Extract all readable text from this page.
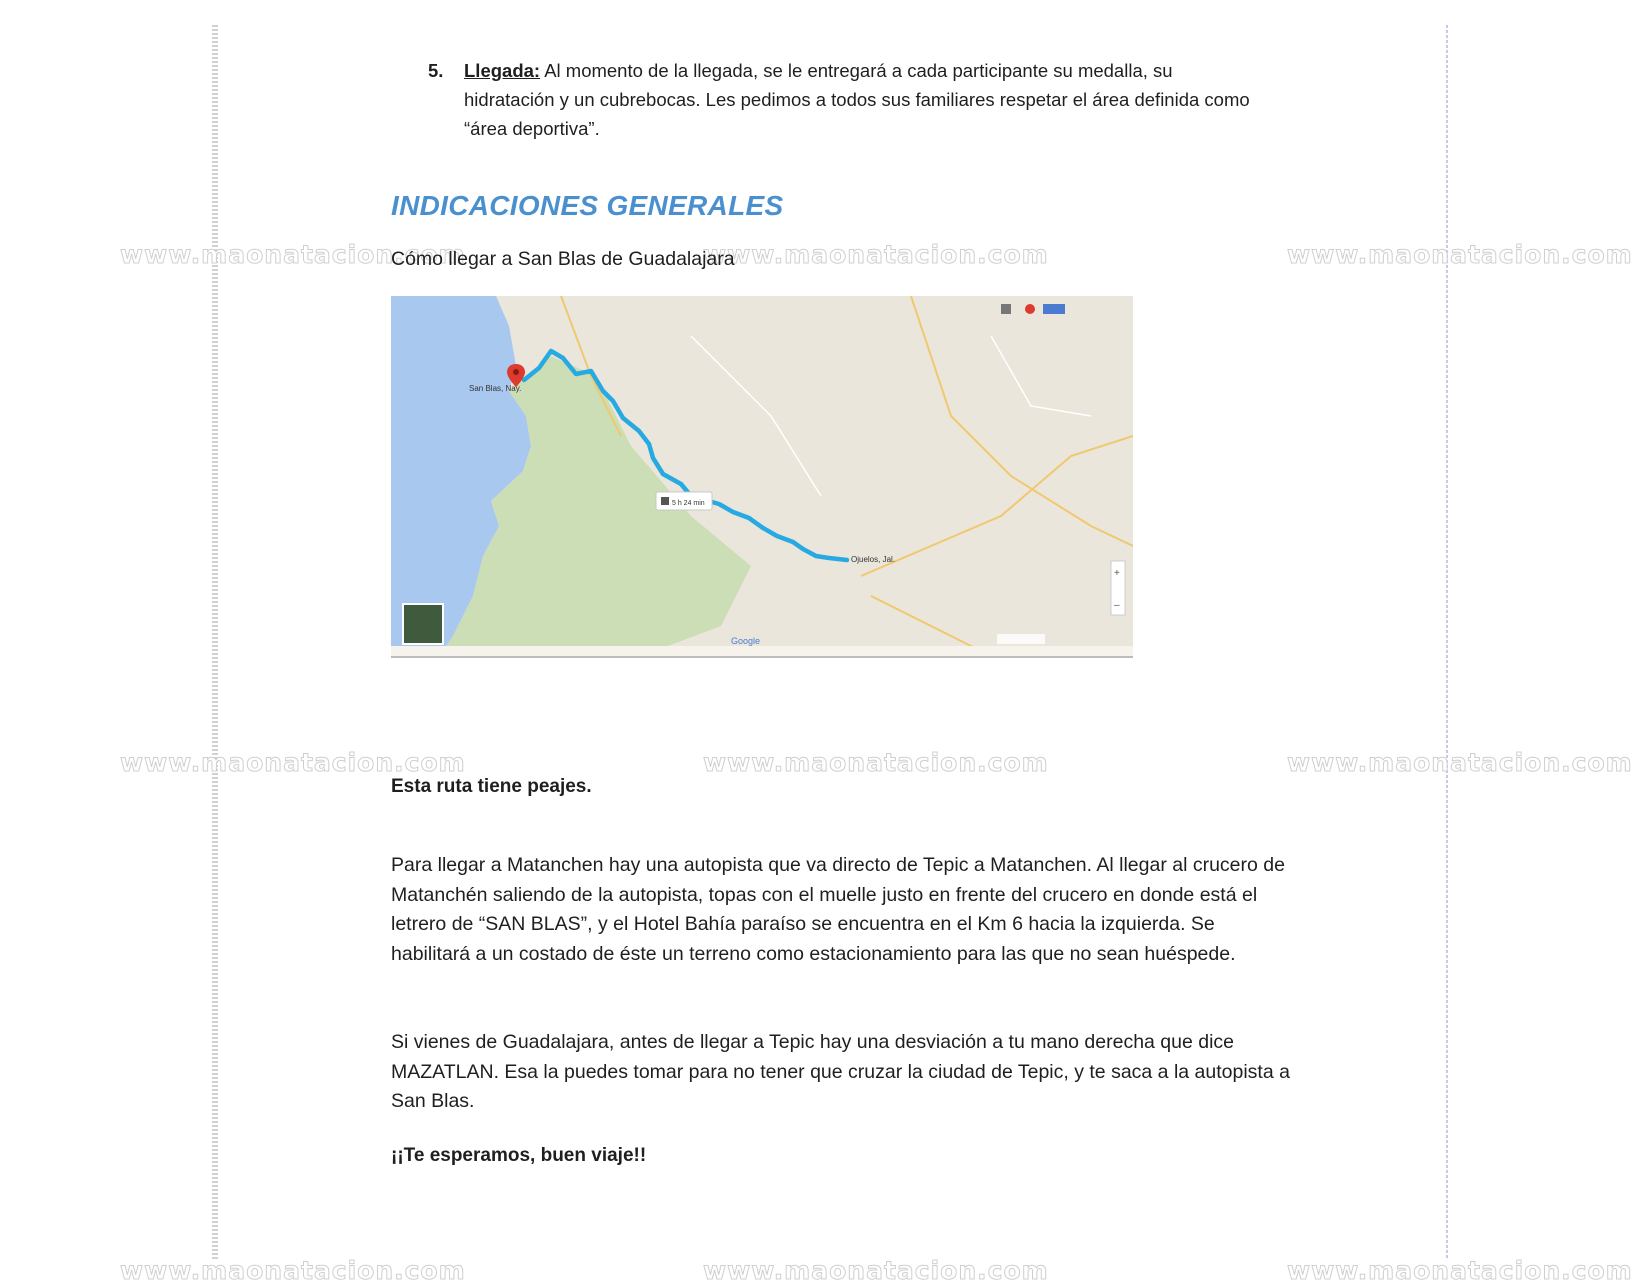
www.maonatacion.com	www.maonatacion.com	www.maonatacion.com
www.maonatacion.com	www.maonatacion.com	www.maonatacion.com
www.maonatacion.com	www.maonatacion.com	www.maonatacion.com
5. Llegada: Al momento de la llegada, se le entregará a cada participante su medalla, su hidratación y un cubrebocas. Les pedimos a todos sus familiares respetar el área definida como “área deportiva”.
INDICACIONES GENERALES
Cómo llegar a San Blas de Guadalajara
San Blas, Nay.
Ojuelos, Jal.
5 h 24 min
Google
+
–
Esta ruta tiene peajes.

Para llegar a Matanchen hay una autopista que va directo de Tepic a Matanchen. Al llegar al crucero de Matanchén saliendo de la autopista, topas con el muelle justo en frente del crucero en donde está el letrero de “SAN BLAS”, y el Hotel Bahía paraíso se encuentra en el Km 6 hacia la izquierda. Se habilitará a un costado de éste un terreno como estacionamiento para las que no sean huéspede.

Si vienes de Guadalajara, antes de llegar a Tepic hay una desviación a tu mano derecha que dice MAZATLAN. Esa la puedes tomar para no tener que cruzar la ciudad de Tepic, y te saca a la autopista a San Blas.

¡¡Te esperamos, buen viaje!!
